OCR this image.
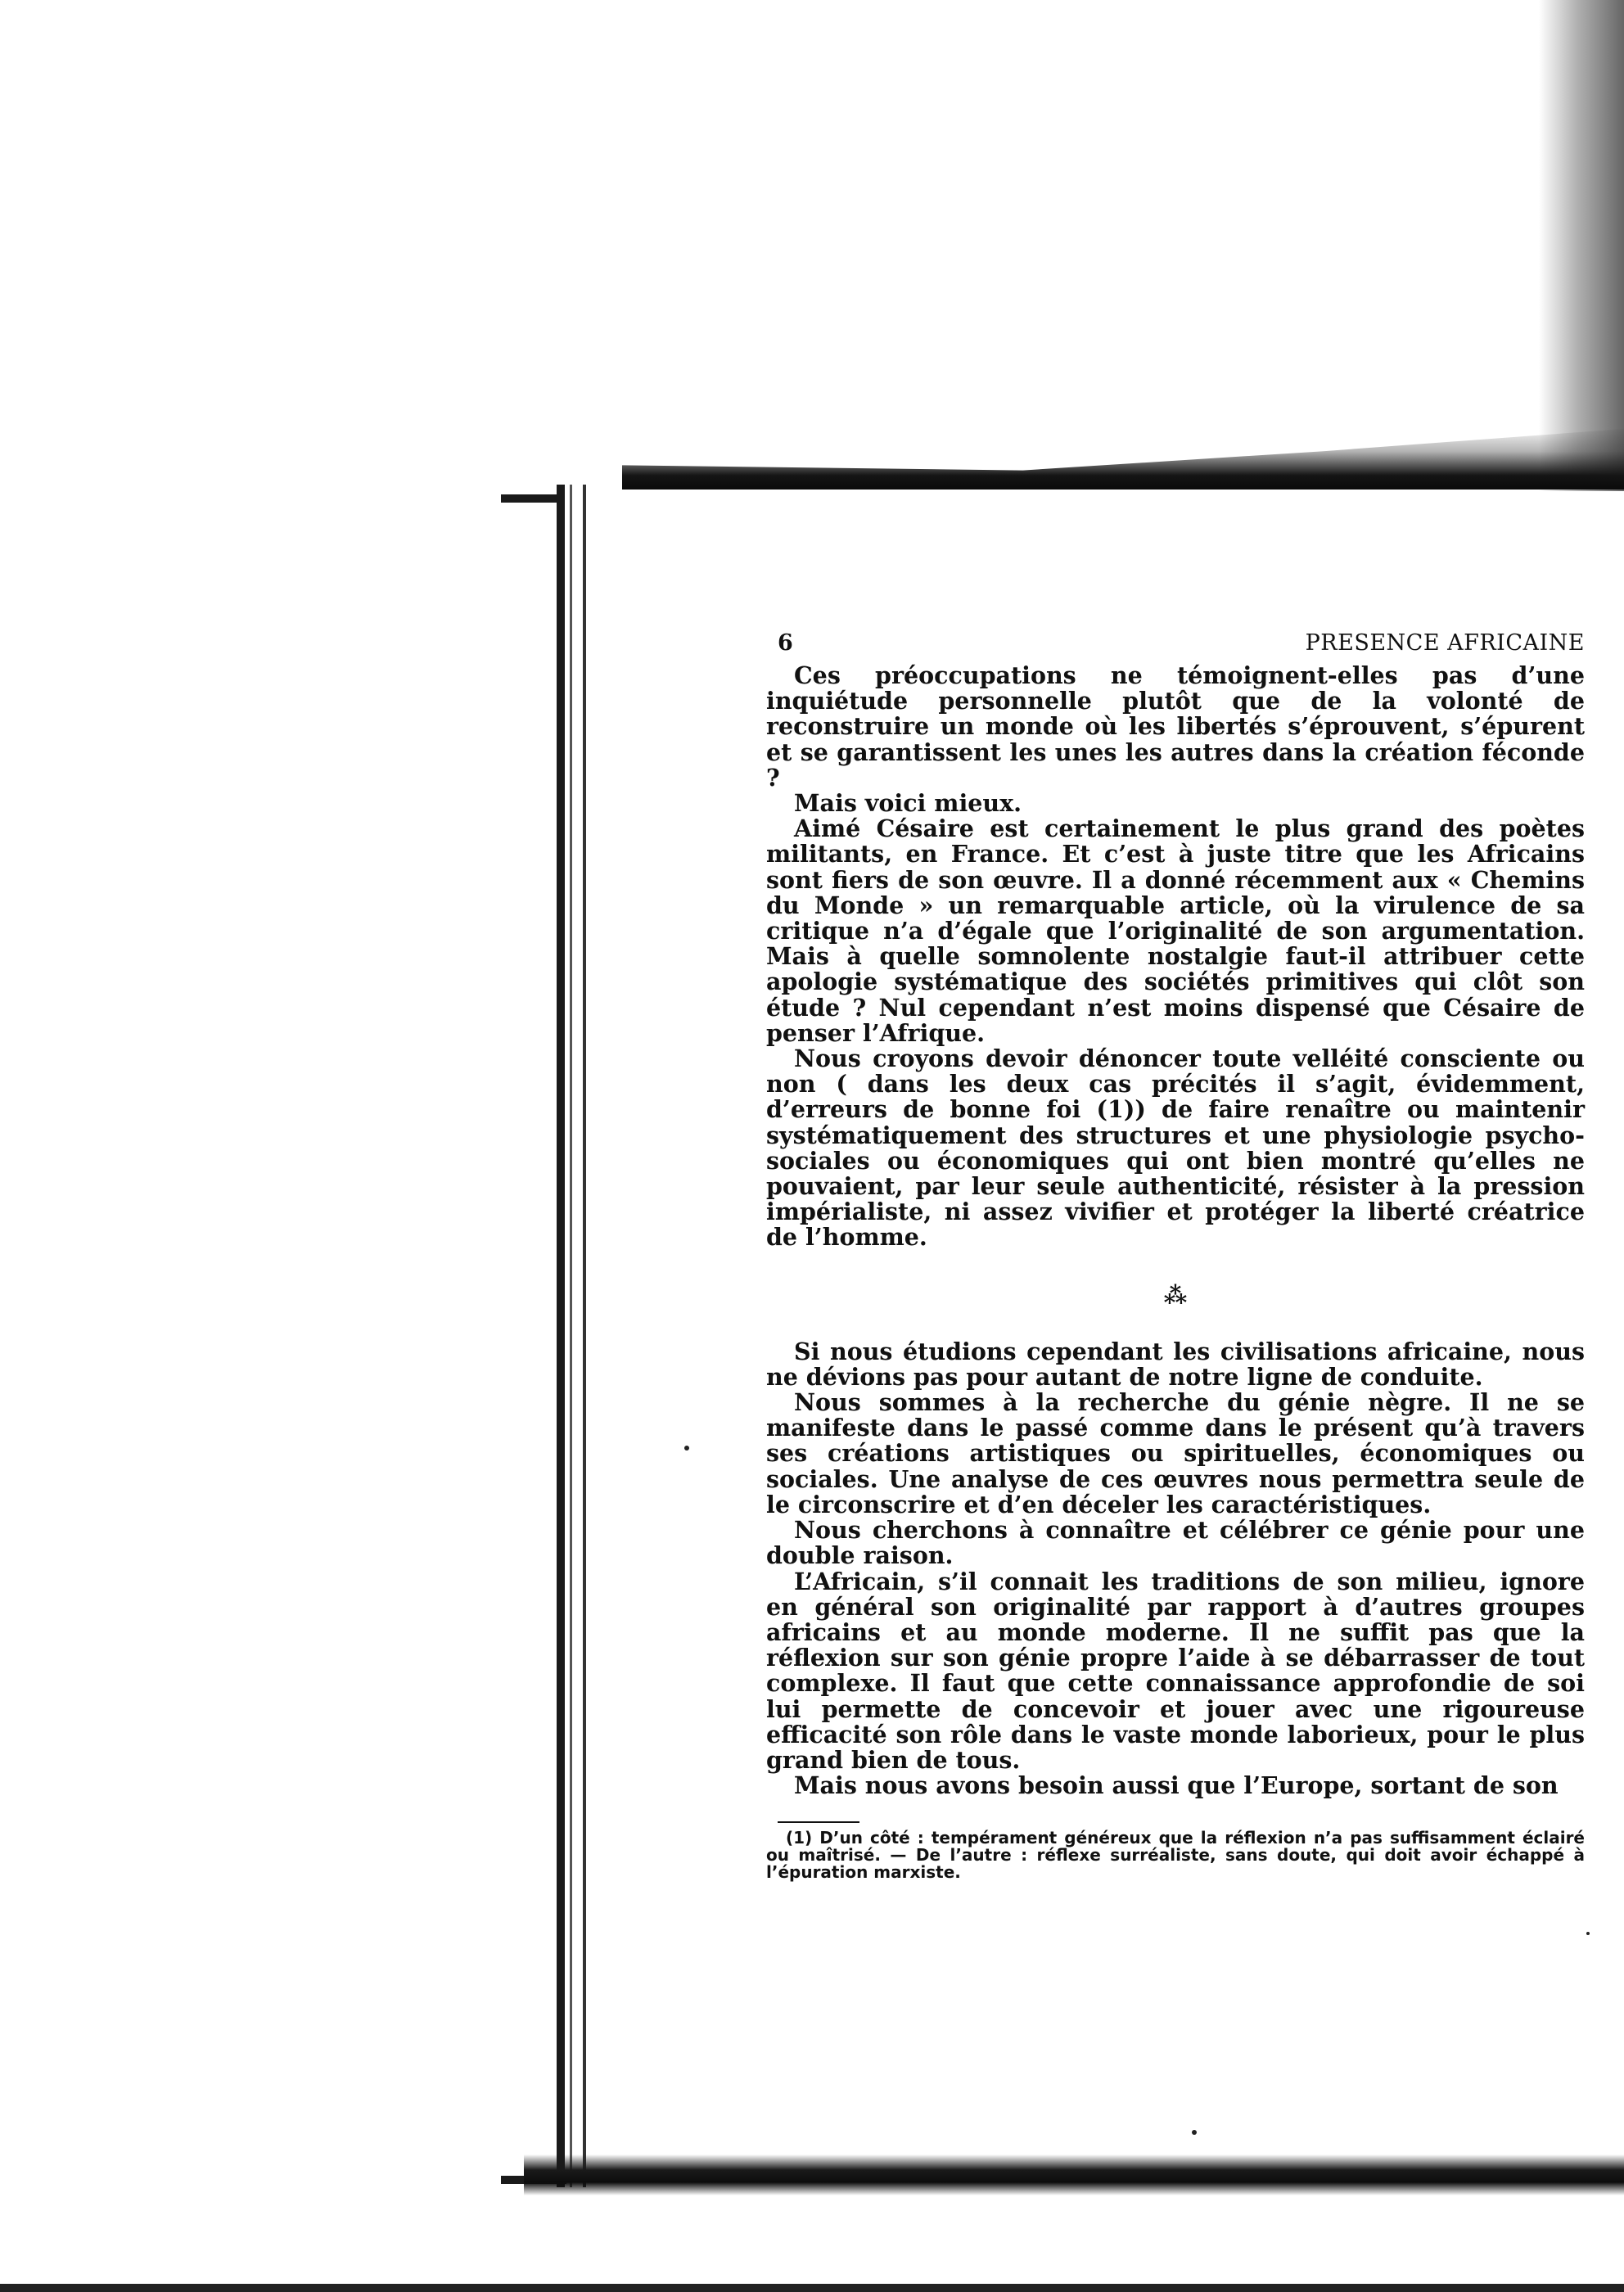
6	PRESENCE AFRICAINE

Ces préoccupations ne témoignent-elles pas d’une inquiétude personnelle plutôt que de la volonté de reconstruire un monde où les libertés s’éprouvent, s’épurent et se garantissent les unes les autres dans la création féconde ?

Mais voici mieux.

Aimé Césaire est certainement le plus grand des poètes militants, en France. Et c’est à juste titre que les Africains sont fiers de son œuvre. Il a donné récemment aux « Chemins du Monde » un remarquable article, où la virulence de sa critique n’a d’égale que l’originalité de son argumentation. Mais à quelle somnolente nostalgie faut-il attribuer cette apologie systématique des sociétés primitives qui clôt son étude ? Nul cependant n’est moins dispensé que Césaire de penser l’Afrique.

Nous croyons devoir dénoncer toute velléité consciente ou non ( dans les deux cas précités il s’agit, évidemment, d’erreurs de bonne foi (1)) de faire renaître ou maintenir systématiquement des structures et une physiologie psycho-sociales ou économiques qui ont bien montré qu’elles ne pouvaient, par leur seule authenticité, résister à la pression impérialiste, ni assez vivifier et protéger la liberté créatrice de l’homme.

⁂

Si nous étudions cependant les civilisations africaine, nous ne dévions pas pour autant de notre ligne de conduite.

Nous sommes à la recherche du génie nègre. Il ne se manifeste dans le passé comme dans le présent qu’à travers ses créations artistiques ou spirituelles, économiques ou sociales. Une analyse de ces œuvres nous permettra seule de le circonscrire et d’en déceler les caractéristiques.

Nous cherchons à connaître et célébrer ce génie pour une double raison.

L’Africain, s’il connait les traditions de son milieu, ignore en général son originalité par rapport à d’autres groupes africains et au monde moderne. Il ne suffit pas que la réflexion sur son génie propre l’aide à se débarrasser de tout complexe. Il faut que cette connaissance approfondie de soi lui permette de concevoir et jouer avec une rigoureuse efficacité son rôle dans le vaste monde laborieux, pour le plus grand bien de tous.

Mais nous avons besoin aussi que l’Europe, sortant de son

(1) D’un côté : tempérament généreux que la réflexion n’a pas suffisamment éclairé ou maîtrisé. — De l’autre : réflexe surréaliste, sans doute, qui doit avoir échappé à l’épuration marxiste.
